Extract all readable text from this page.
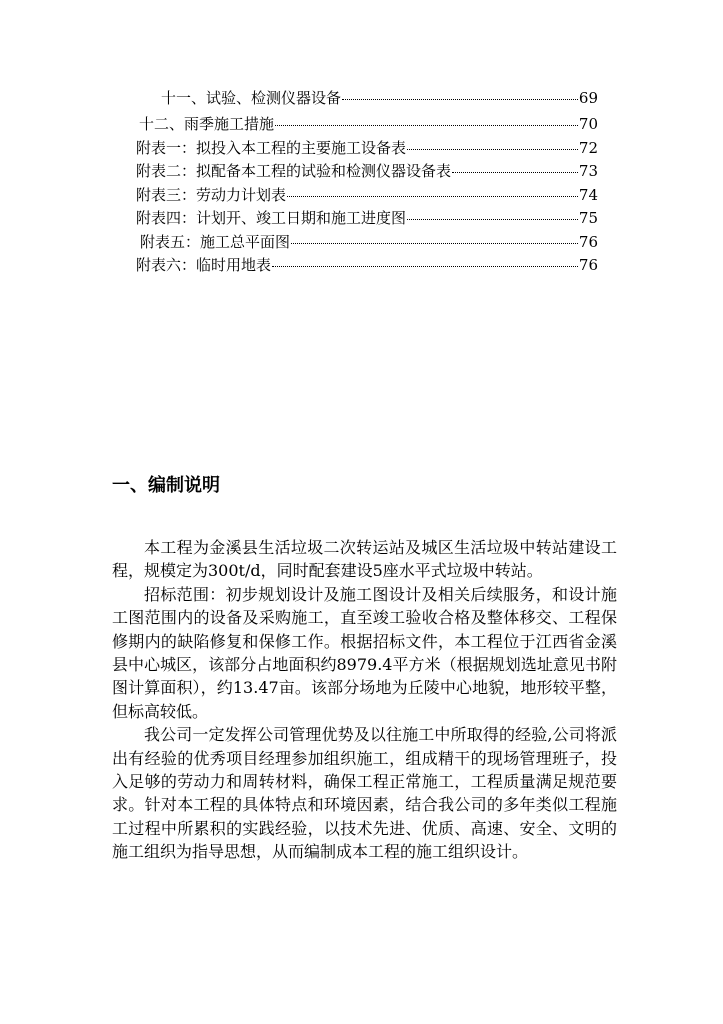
十一、试验、检测仪器设备	69
十二、雨季施工措施	70
附表一：拟投入本工程的主要施工设备表	72
附表二：拟配备本工程的试验和检测仪器设备表	73
附表三：劳动力计划表	74
附表四：计划开、竣工日期和施工进度图	75
附表五：施工总平面图	76
附表六：临时用地表	76
一、编制说明

本工程为金溪县生活垃圾二次转运站及城区生活垃圾中转站建设工程，规模定为300t/d，同时配套建设5座水平式垃圾中转站。

招标范围：初步规划设计及施工图设计及相关后续服务，和设计施工图范围内的设备及采购施工，直至竣工验收合格及整体移交、工程保修期内的缺陷修复和保修工作。根据招标文件，本工程位于江西省金溪县中心城区，该部分占地面积约8979.4平方米（根据规划选址意见书附图计算面积），约13.47亩。该部分场地为丘陵中心地貌，地形较平整，但标高较低。

我公司一定发挥公司管理优势及以往施工中所取得的经验,公司将派出有经验的优秀项目经理参加组织施工，组成精干的现场管理班子，投入足够的劳动力和周转材料，确保工程正常施工，工程质量满足规范要求。针对本工程的具体特点和环境因素，结合我公司的多年类似工程施工过程中所累积的实践经验，以技术先进、优质、高速、安全、文明的施工组织为指导思想，从而编制成本工程的施工组织设计。
